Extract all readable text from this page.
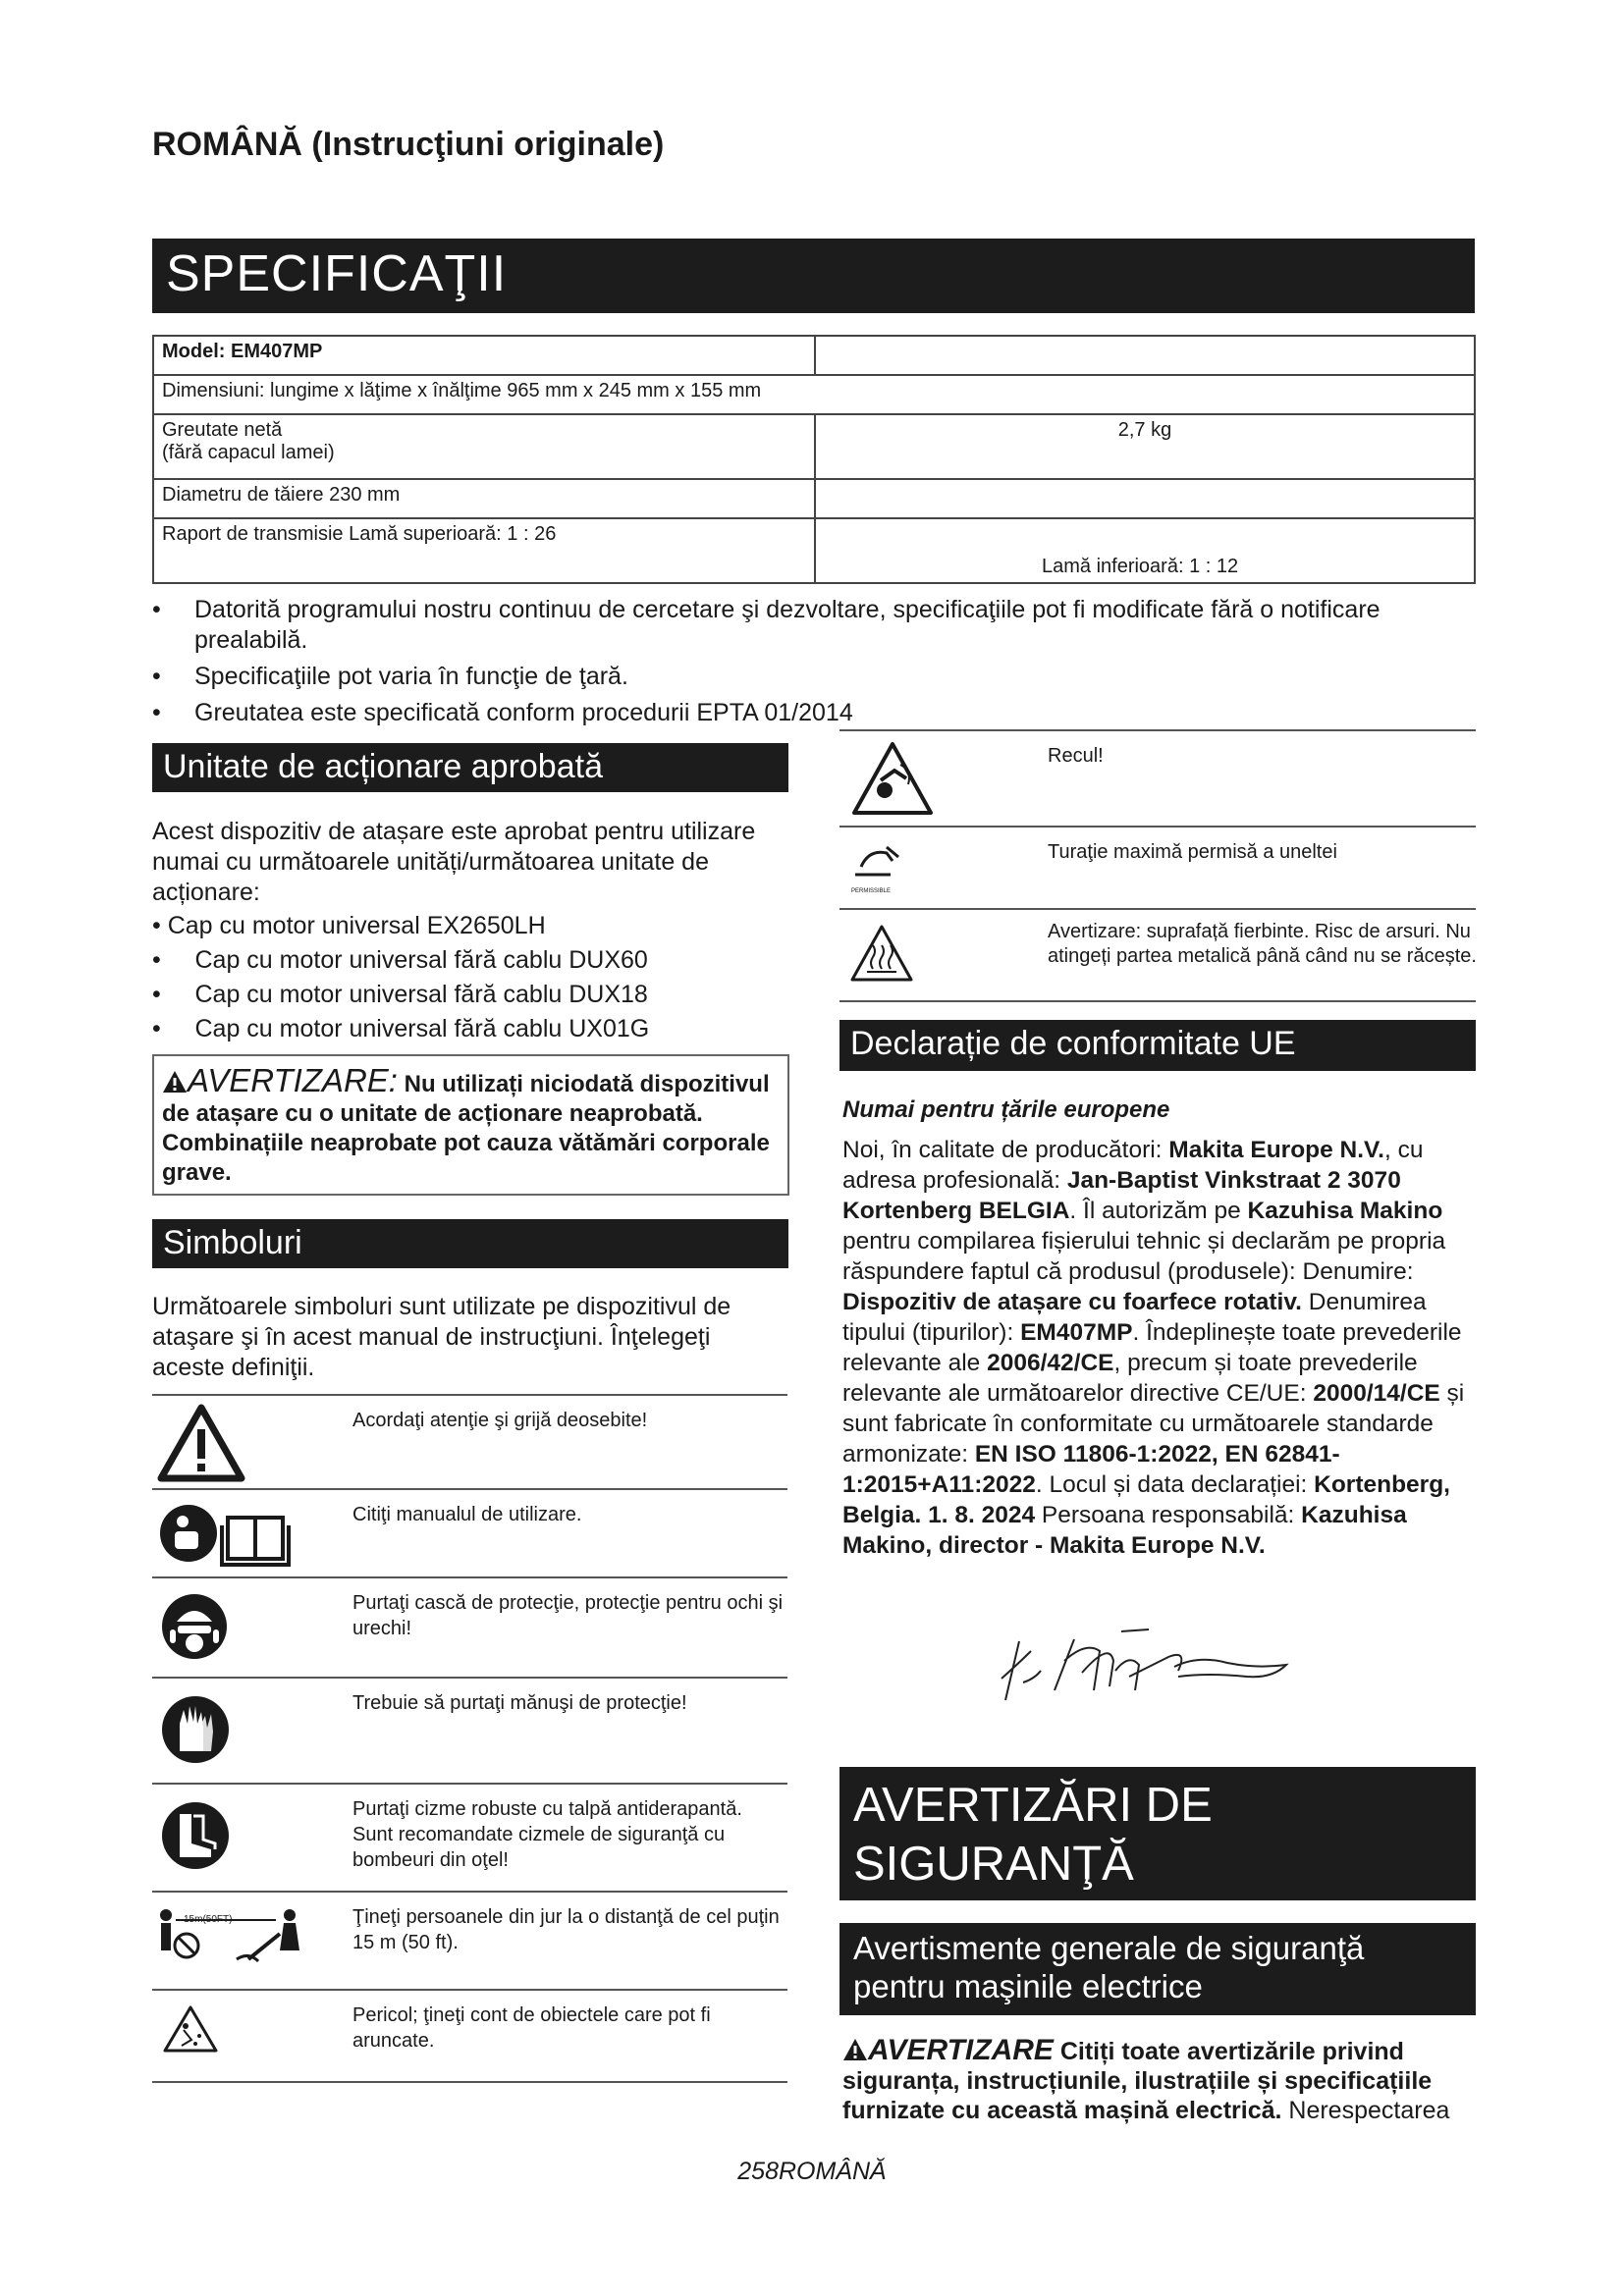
ROMÂNĂ (Instrucţiuni originale)
SPECIFICAŢII
Model: EM407MP	
Dimensiuni: lungime x lăţime x înălţime 965 mm x 245 mm x 155 mm	

Greutate netă
(fără capacul lamei)	2,7 kg
Diametru de tăiere 230 mm	
Raport de transmisie Lamă superioară: 1 : 26	Lamă inferioară: 1 : 12
• Datorită programului nostru continuu de cercetare şi dezvoltare, specificaţiile pot fi modificate fără o notificare prealabilă.
• Specificaţiile pot varia în funcţie de ţară.
• Greutatea este specificată conform procedurii EPTA 01/2014
Unitate de acționare aprobată
Acest dispozitiv de atașare este aprobat pentru utilizare numai cu următoarele unități/următoarea unitate de acționare:
• Cap cu motor universal EX2650LH
•     Cap cu motor universal fără cablu DUX60
•     Cap cu motor universal fără cablu DUX18
•     Cap cu motor universal fără cablu UX01G
AVERTIZARE: Nu utilizați niciodată dispozitivul de atașare cu o unitate de acționare neaprobată. Combinațiile neaprobate pot cauza vătămări corporale grave.
Simboluri
Următoarele simboluri sunt utilizate pe dispozitivul de ataşare şi în acest manual de instrucţiuni. Înţelegeţi aceste definiţii.
Acordaţi atenţie şi grijă deosebite!
Citiţi manualul de utilizare.
Purtaţi cască de protecţie, protecţie pentru ochi şi urechi!
Trebuie să purtaţi mănuşi de protecţie!
Purtaţi cizme robuste cu talpă antiderapantă. Sunt recomandate cizmele de siguranţă cu bombeuri din oţel!
15m(50FT)	Ţineţi persoanele din jur la o distanţă de cel puţin 15 m (50 ft).
Pericol; ţineţi cont de obiectele care pot fi aruncate.
Recul!
PERMISSIBLE
Turaţie maximă permisă a uneltei
Avertizare: suprafață fierbinte. Risc de arsuri. Nu atingeți partea metalică până când nu se răcește.
Declarație de conformitate UE
Numai pentru țările europene
Noi, în calitate de producători: Makita Europe N.V., cu adresa profesională: Jan-Baptist Vinkstraat 2 3070 Kortenberg BELGIA. Îl autorizăm pe Kazuhisa Makino pentru compilarea fișierului tehnic și declarăm pe propria răspundere faptul că produsul (produsele): Denumire: Dispozitiv de atașare cu foarfece rotativ. Denumirea tipului (tipurilor): EM407MP. Îndeplinește toate prevederile relevante ale 2006/42/CE, precum și toate prevederile relevante ale următoarelor directive CE/UE: 2000/14/CE și sunt fabricate în conformitate cu următoarele standarde armonizate: EN ISO 11806-1:2022, EN 62841-1:2015+A11:2022. Locul și data declarației: Kortenberg, Belgia. 1. 8. 2024 Persoana responsabilă: Kazuhisa Makino, director - Makita Europe N.V.
AVERTIZĂRI DE
SIGURANŢĂ
Avertismente generale de siguranţă
pentru maşinile electrice
AVERTIZARE Citiți toate avertizările privind siguranța, instrucțiunile, ilustrațiile și specificațiile furnizate cu această mașină electrică. Nerespectarea
258ROMÂNĂ
